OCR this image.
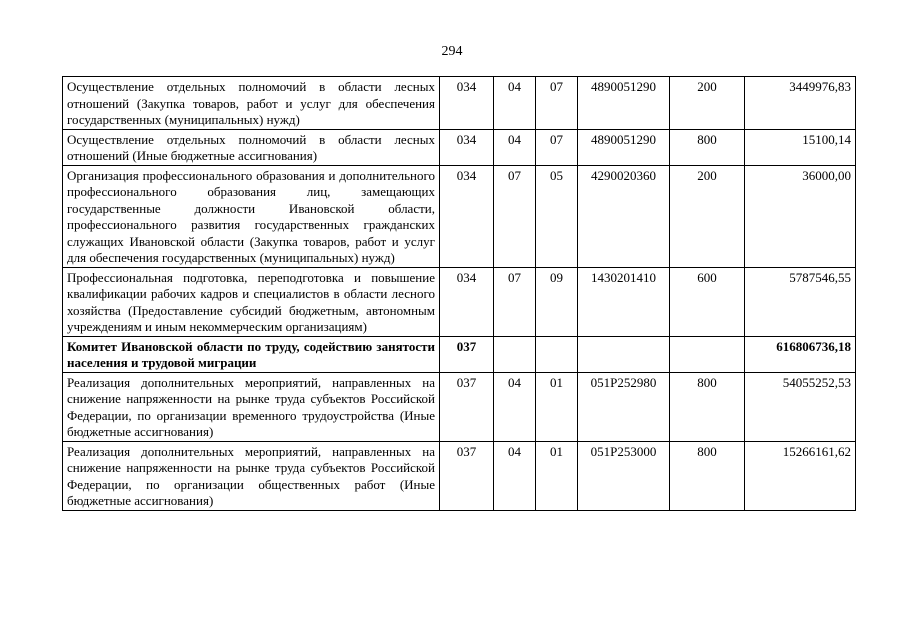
294
Осуществление отдельных полномочий в области лесных отношений (Закупка товаров, работ и услуг для обеспечения государственных (муниципальных) нужд)	034	04	07	4890051290	200	3449976,83
Осуществление отдельных полномочий в области лесных отношений (Иные бюджетные ассигнования)	034	04	07	4890051290	800	15100,14
Организация профессионального образования и дополнительного профессионального образования лиц, замещающих государственные должности Ивановской области, профессионального развития государственных гражданских служащих Ивановской области (Закупка товаров, работ и услуг для обеспечения государственных (муниципальных) нужд)	034	07	05	4290020360	200	36000,00
Профессиональная подготовка, переподготовка и повышение квалификации рабочих кадров и специалистов в области лесного хозяйства (Предоставление субсидий бюджетным, автономным учреждениям и иным некоммерческим организациям)	034	07	09	1430201410	600	5787546,55
Комитет Ивановской области по труду, содействию занятости населения и трудовой миграции	037					616806736,18
Реализация дополнительных мероприятий, направленных на снижение напряженности на рынке труда субъектов Российской Федерации, по организации временного трудоустройства (Иные бюджетные ассигнования)	037	04	01	051P252980	800	54055252,53
Реализация дополнительных мероприятий, направленных на снижение напряженности на рынке труда субъектов Российской Федерации, по организации общественных работ (Иные бюджетные ассигнования)	037	04	01	051P253000	800	15266161,62
